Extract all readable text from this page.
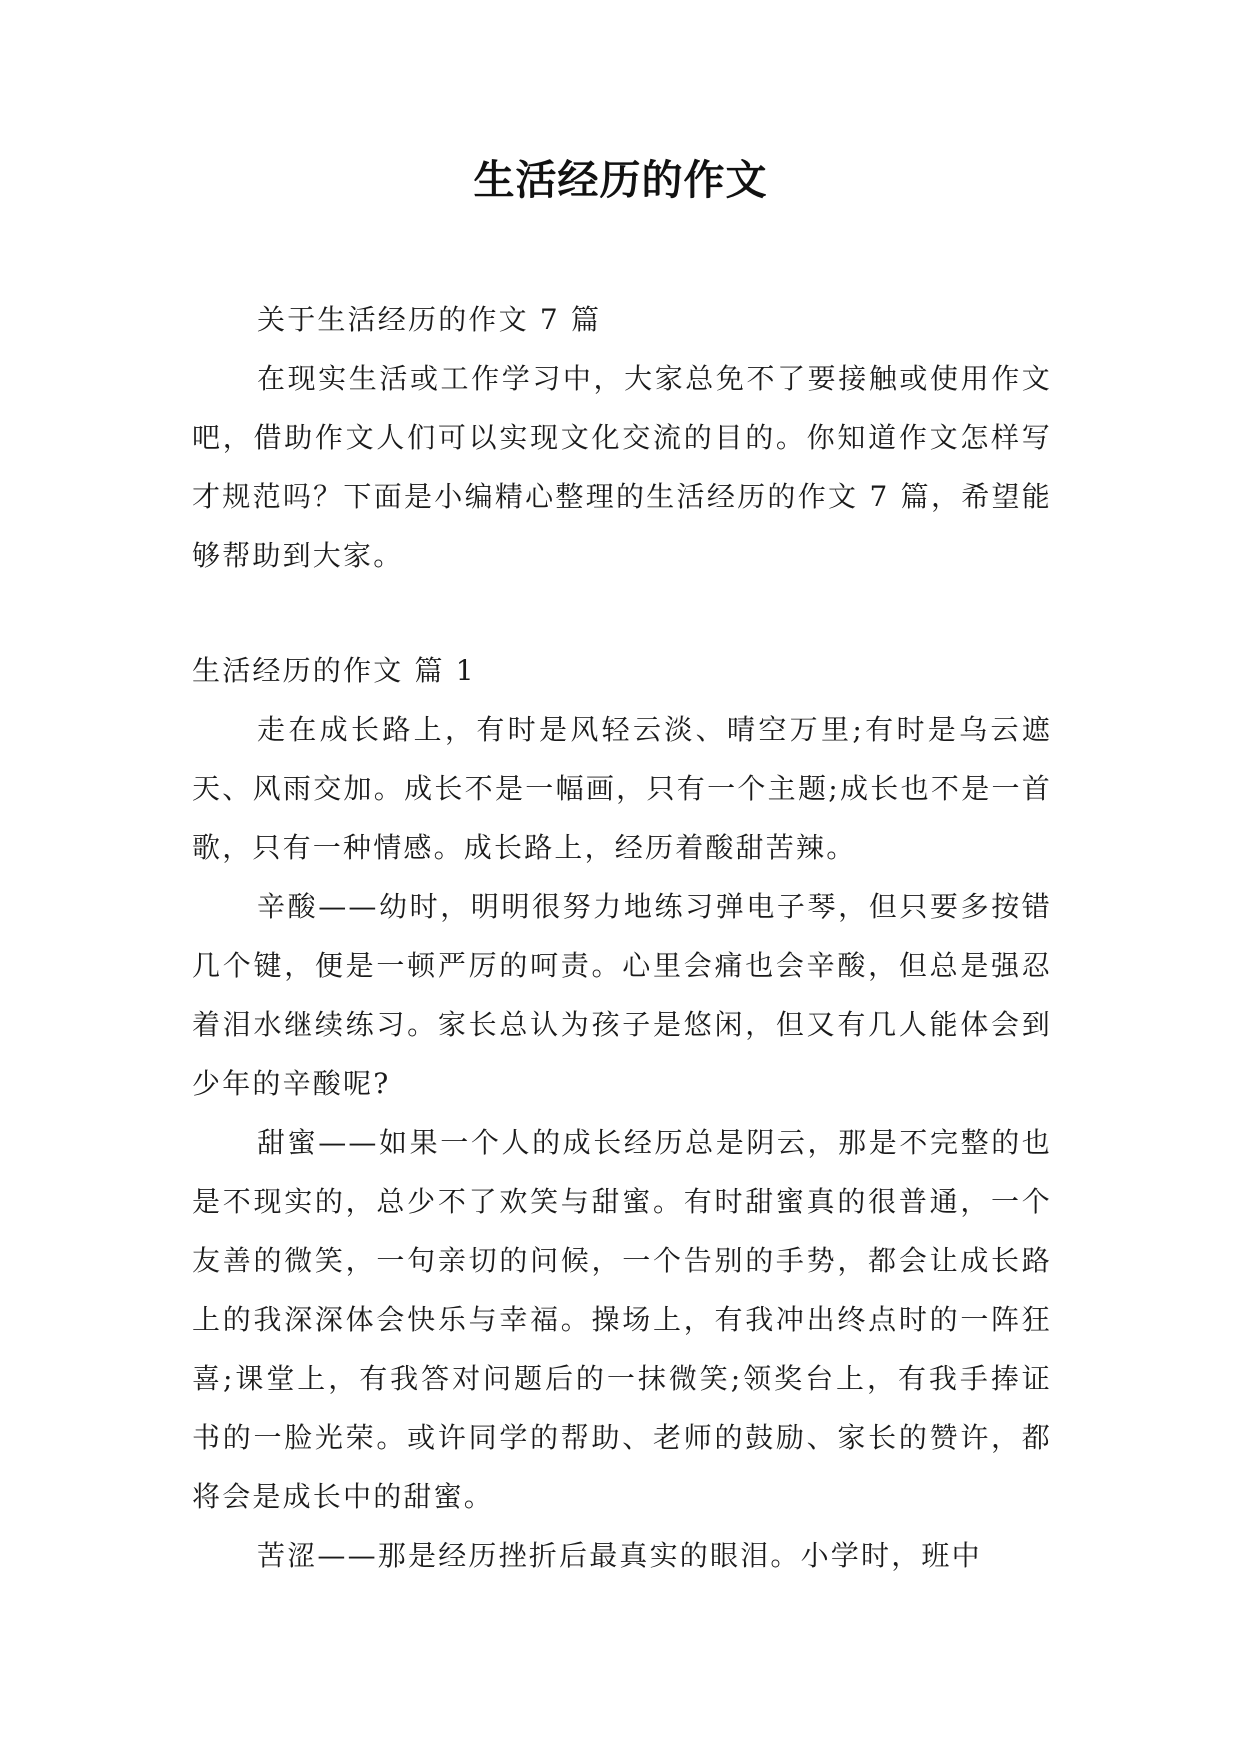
生活经历的作文

关于生活经历的作文 7 篇

在现实生活或工作学习中，大家总免不了要接触或使用作文吧，借助作文人们可以实现文化交流的目的。你知道作文怎样写才规范吗？下面是小编精心整理的生活经历的作文 7 篇，希望能够帮助到大家。

生活经历的作文 篇 1

走在成长路上，有时是风轻云淡、晴空万里;有时是乌云遮天、风雨交加。成长不是一幅画，只有一个主题;成长也不是一首歌，只有一种情感。成长路上，经历着酸甜苦辣。

辛酸——幼时，明明很努力地练习弹电子琴，但只要多按错几个键，便是一顿严厉的呵责。心里会痛也会辛酸，但总是强忍着泪水继续练习。家长总认为孩子是悠闲，但又有几人能体会到少年的辛酸呢?

甜蜜——如果一个人的成长经历总是阴云，那是不完整的也是不现实的，总少不了欢笑与甜蜜。有时甜蜜真的很普通，一个友善的微笑，一句亲切的问候，一个告别的手势，都会让成长路上的我深深体会快乐与幸福。操场上，有我冲出终点时的一阵狂喜;课堂上，有我答对问题后的一抹微笑;领奖台上，有我手捧证书的一脸光荣。或许同学的帮助、老师的鼓励、家长的赞许，都将会是成长中的甜蜜。

苦涩——那是经历挫折后最真实的眼泪。小学时，班中
